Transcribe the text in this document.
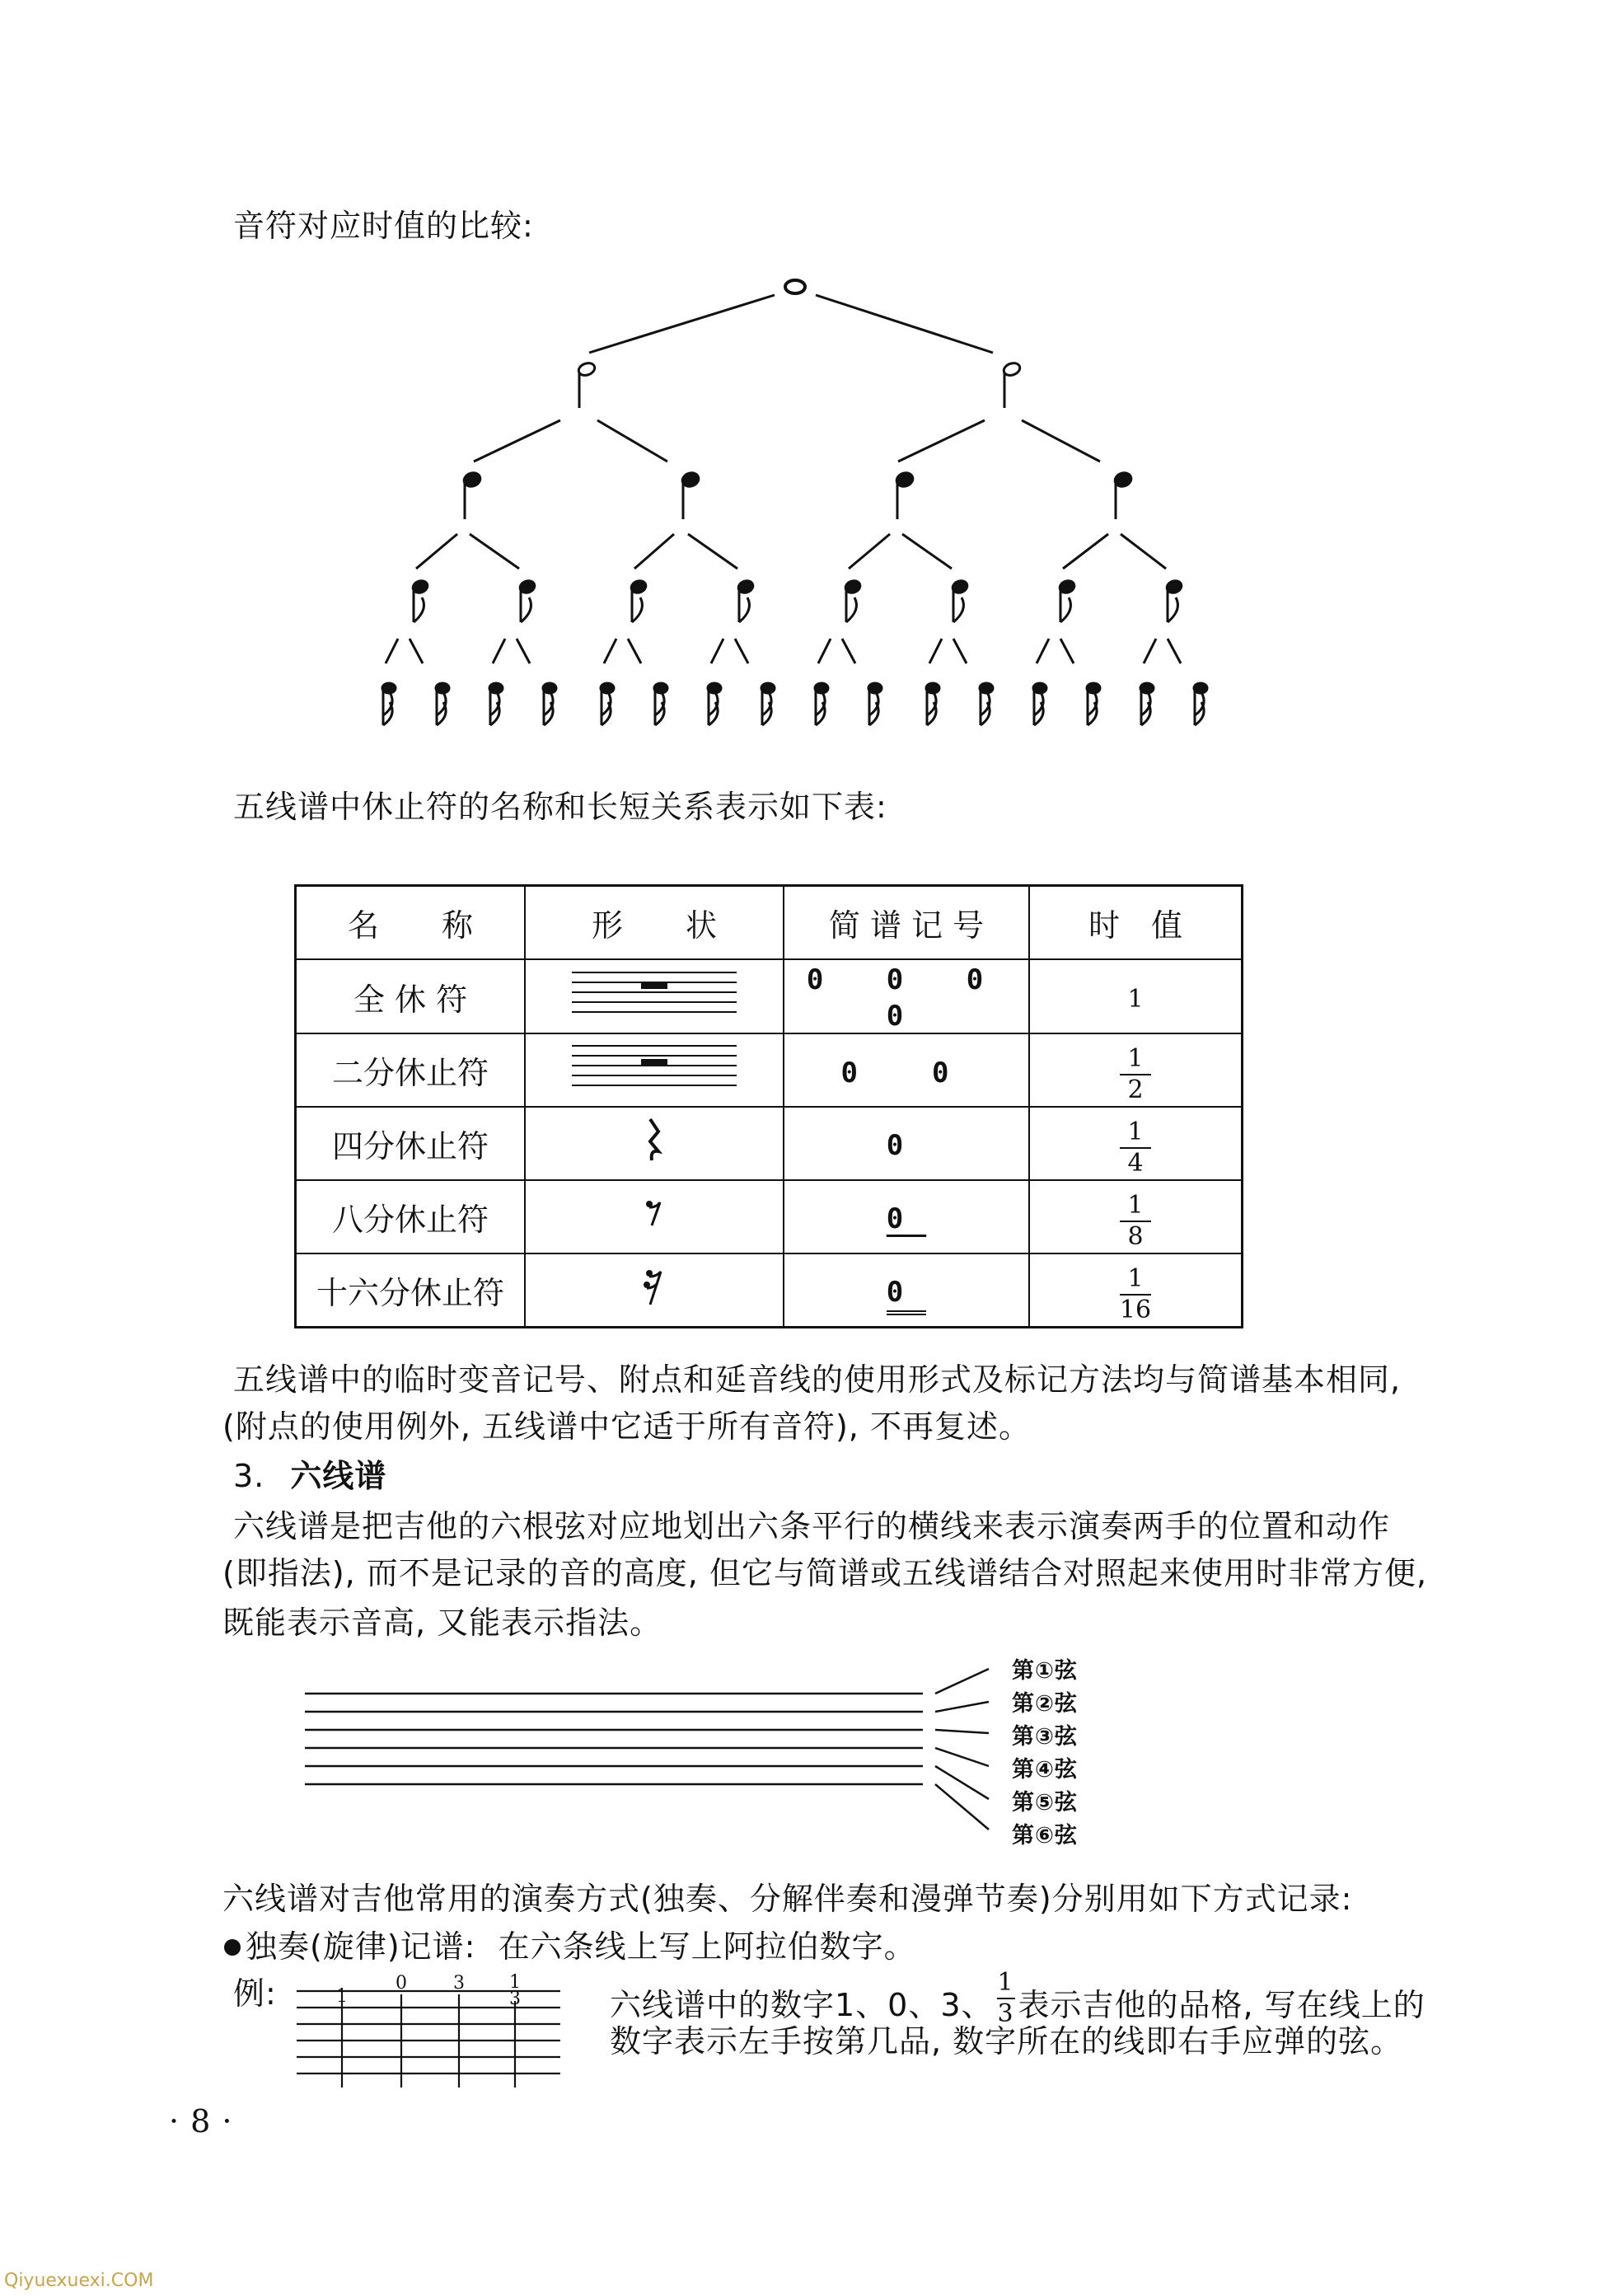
音符对应时值的比较:
五线谱中休止符的名称和长短关系表示如下表:
名　　称	形　　状	简 谱 记 号	时　值
全 休 符		0 0 0 0	1

二分休止符		0　0	$\frac{1}{2}$

四分休止符		0	$\frac{1}{4}$

八分休止符		0	$\frac{1}{8}$

十六分休止符		0	$\frac{1}{16}$
五线谱中的临时变音记号、附点和延音线的使用形式及标记方法均与简谱基本相同,
(附点的使用例外, 五线谱中它适于所有音符), 不再复述。
3. 六线谱
六线谱是把吉他的六根弦对应地划出六条平行的横线来表示演奏两手的位置和动作
(即指法), 而不是记录的音的高度, 但它与简谱或五线谱结合对照起来使用时非常方便,
既能表示音高, 又能表示指法。
第①弦
第②弦
第③弦
第④弦
第⑤弦
第⑥弦
六线谱对吉他常用的演奏方式(独奏、分解伴奏和漫弹节奏)分别用如下方式记录:
独奏(旋律)记谱: 在六条线上写上阿拉伯数字。
例:	1
0	3 1
3	六线谱中的数字1、0、3、 $\frac{1}{3}$ 表示吉他的品格, 写在线上的
数字表示左手按第几品, 数字所在的线即右手应弹的弦。
· 8 ·
Qiyuexuexi.COM
